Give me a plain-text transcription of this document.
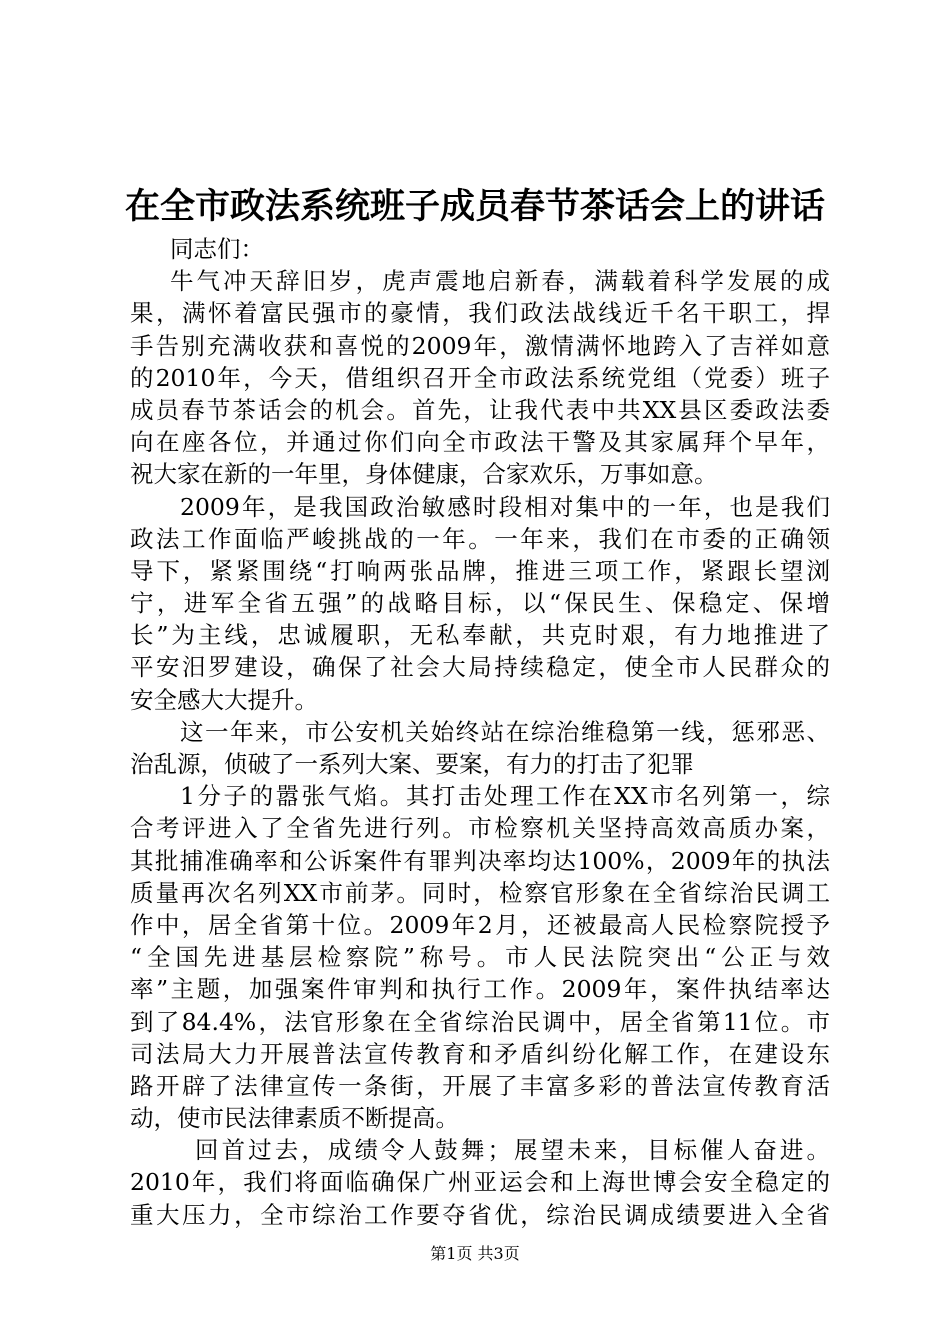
在全市政法系统班子成员春节茶话会上的讲话
同志们：
牛气冲天辞旧岁，虎声震地启新春，满载着科学发展的成
果，满怀着富民强市的豪情，我们政法战线近千名干职工，捍
手告别充满收获和喜悦的2009年，激情满怀地跨入了吉祥如意
的2010年，今天，借组织召开全市政法系统党组（党委）班子
成员春节茶话会的机会。首先，让我代表中共XX县区委政法委
向在座各位，并通过你们向全市政法干警及其家属拜个早年，
祝大家在新的一年里，身体健康，合家欢乐，万事如意。
2009年，是我国政治敏感时段相对集中的一年，也是我们
政法工作面临严峻挑战的一年。一年来，我们在市委的正确领
导下，紧紧围绕“打响两张品牌，推进三项工作，紧跟长望浏
宁，进军全省五强”的战略目标，以“保民生、保稳定、保增
长”为主线，忠诚履职，无私奉献，共克时艰，有力地推进了
平安汨罗建设，确保了社会大局持续稳定，使全市人民群众的
安全感大大提升。
这一年来，市公安机关始终站在综治维稳第一线，惩邪恶、
治乱源，侦破了一系列大案、要案，有力的打击了犯罪
1分子的嚣张气焰。其打击处理工作在XX市名列第一，综
合考评进入了全省先进行列。市检察机关坚持高效高质办案，
其批捕准确率和公诉案件有罪判决率均达100%，2009年的执法
质量再次名列XX市前茅。同时，检察官形象在全省综治民调工
作中，居全省第十位。2009年2月，还被最高人民检察院授予
“全国先进基层检察院”称号。市人民法院突出“公正与效
率”主题，加强案件审判和执行工作。2009年，案件执结率达
到了84.4%，法官形象在全省综治民调中，居全省第11位。市
司法局大力开展普法宣传教育和矛盾纠纷化解工作，在建设东
路开辟了法律宣传一条街，开展了丰富多彩的普法宣传教育活
动，使市民法律素质不断提高。
回首过去，成绩令人鼓舞；展望未来，目标催人奋进。
2010年，我们将面临确保广州亚运会和上海世博会安全稳定的
重大压力，全市综治工作要夺省优，综治民调成绩要进入全省
第1页 共3页
